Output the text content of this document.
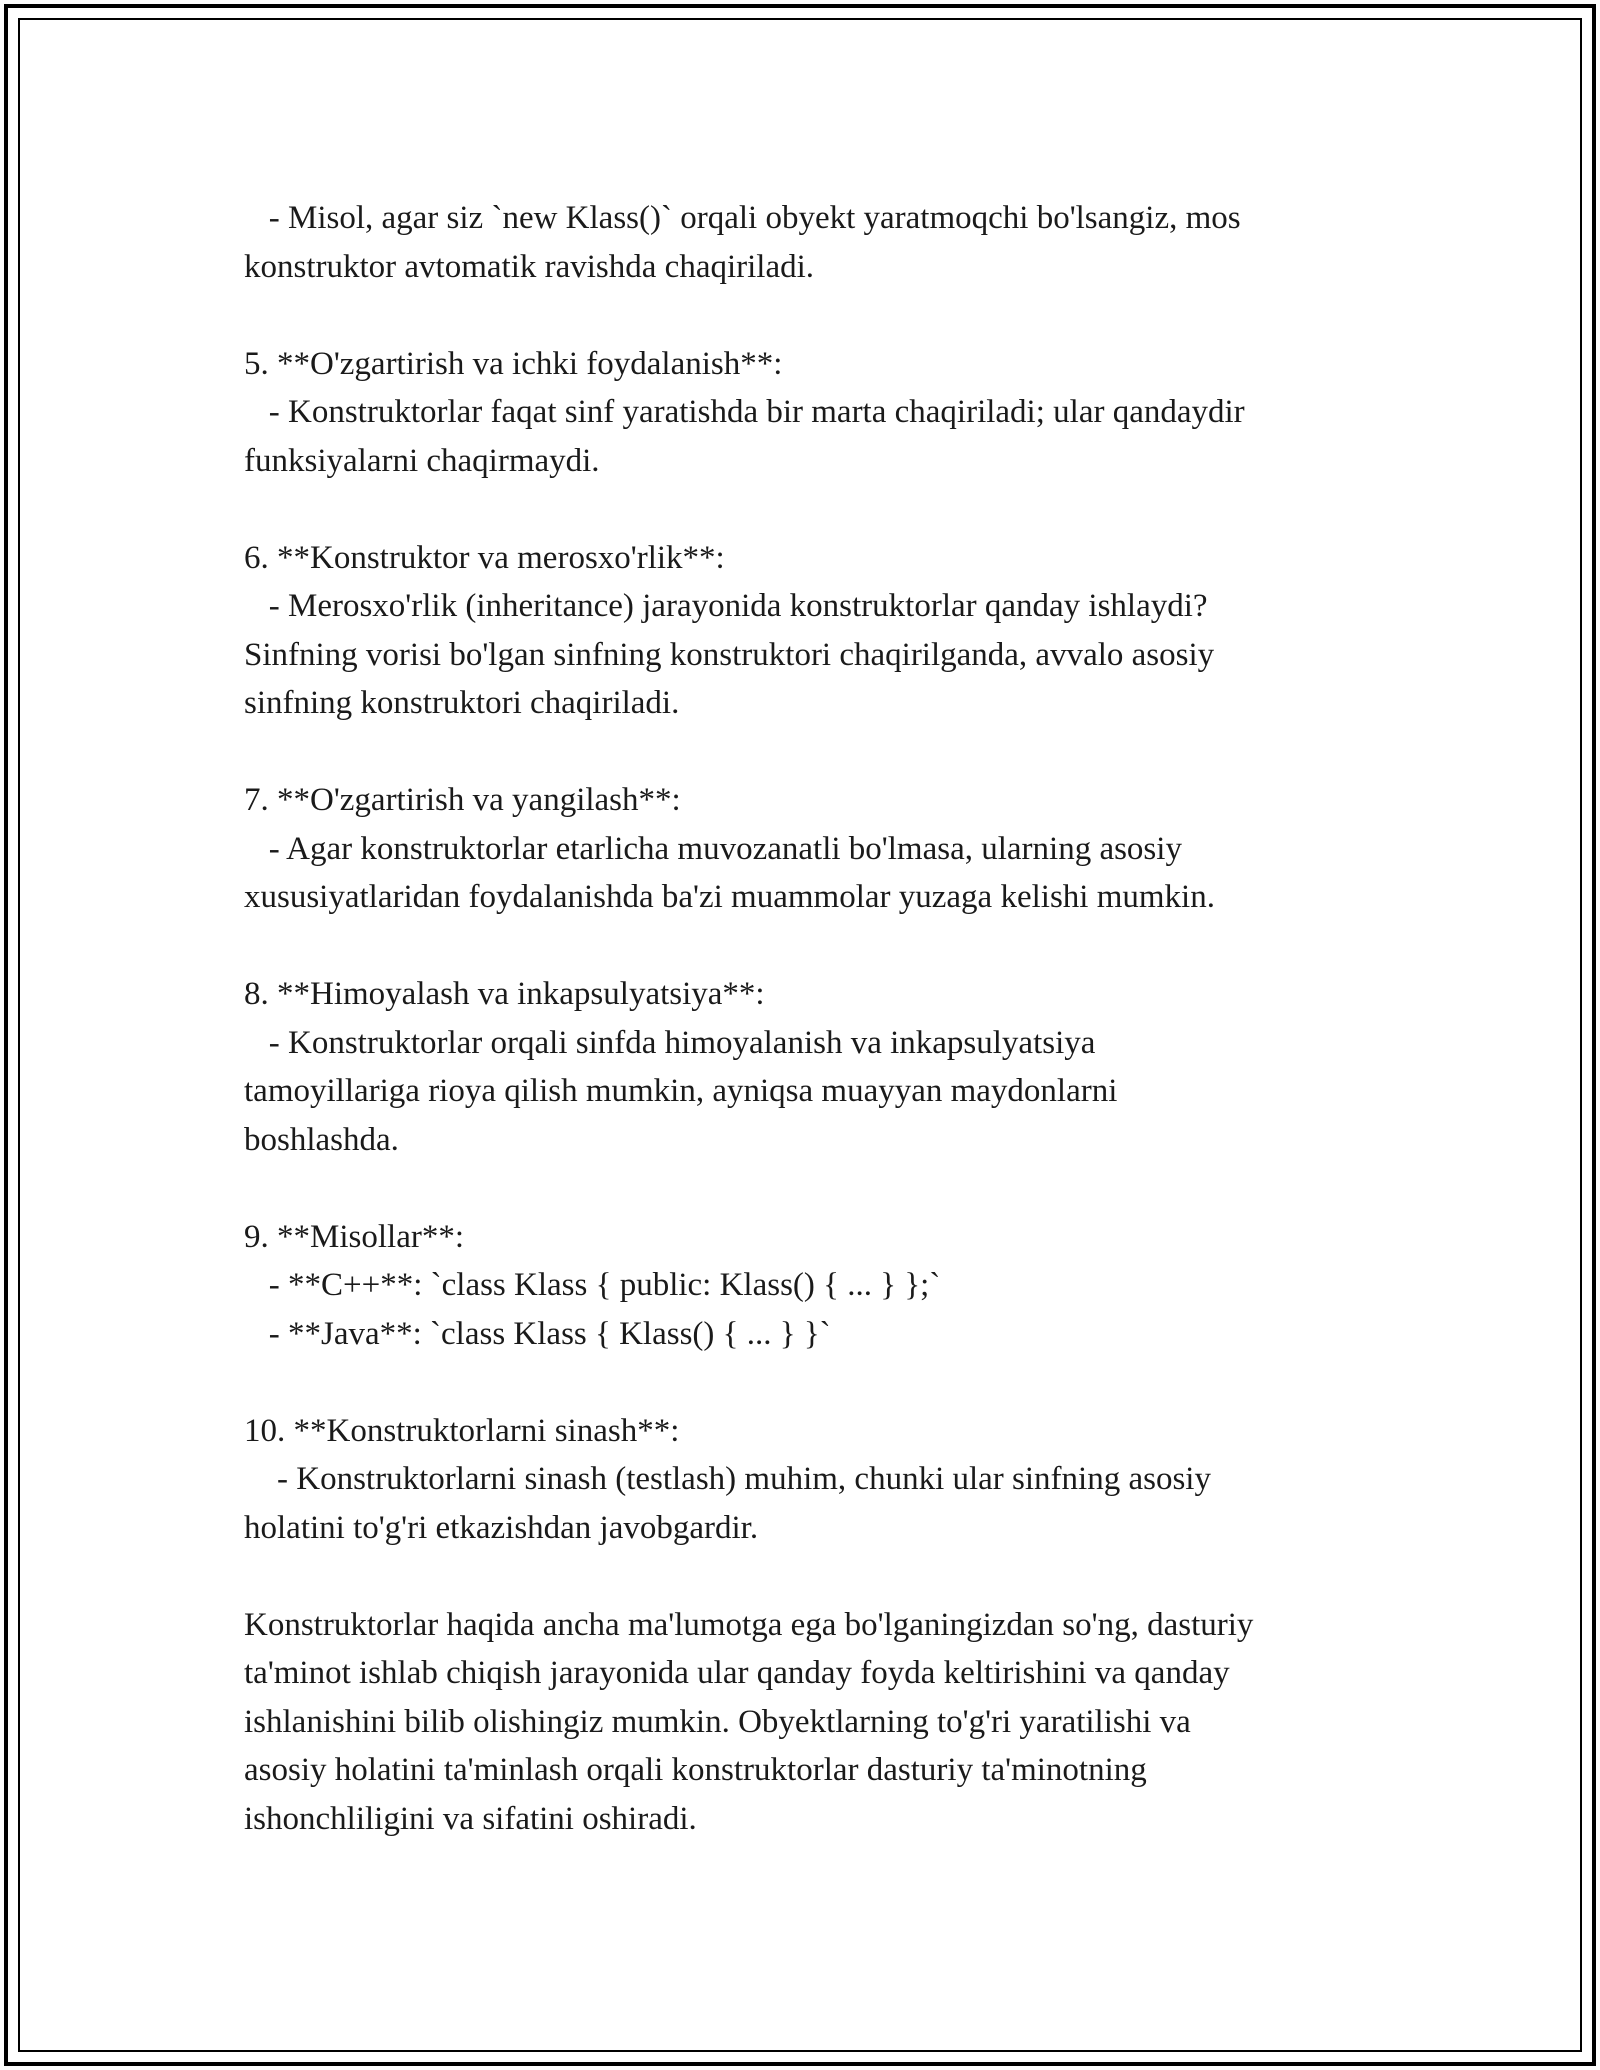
- Misol, agar siz `new Klass()` orqali obyekt yaratmoqchi bo'lsangiz, mos
konstruktor avtomatik ravishda chaqiriladi.
5. **O'zgartirish va ichki foydalanish**:
- Konstruktorlar faqat sinf yaratishda bir marta chaqiriladi; ular qandaydir
funksiyalarni chaqirmaydi.
6. **Konstruktor va merosxo'rlik**:
- Merosxo'rlik (inheritance) jarayonida konstruktorlar qanday ishlaydi?
Sinfning vorisi bo'lgan sinfning konstruktori chaqirilganda, avvalo asosiy
sinfning konstruktori chaqiriladi.
7. **O'zgartirish va yangilash**:
- Agar konstruktorlar etarlicha muvozanatli bo'lmasa, ularning asosiy
xususiyatlaridan foydalanishda ba'zi muammolar yuzaga kelishi mumkin.
8. **Himoyalash va inkapsulyatsiya**:
- Konstruktorlar orqali sinfda himoyalanish va inkapsulyatsiya
tamoyillariga rioya qilish mumkin, ayniqsa muayyan maydonlarni
boshlashda.
9. **Misollar**:
- **C++**: `class Klass { public: Klass() { ... } };`
- **Java**: `class Klass { Klass() { ... } }`
10. **Konstruktorlarni sinash**:
- Konstruktorlarni sinash (testlash) muhim, chunki ular sinfning asosiy
holatini to'g'ri etkazishdan javobgardir.
Konstruktorlar haqida ancha ma'lumotga ega bo'lganingizdan so'ng, dasturiy
ta'minot ishlab chiqish jarayonida ular qanday foyda keltirishini va qanday
ishlanishini bilib olishingiz mumkin. Obyektlarning to'g'ri yaratilishi va
asosiy holatini ta'minlash orqali konstruktorlar dasturiy ta'minotning
ishonchliligini va sifatini oshiradi.
